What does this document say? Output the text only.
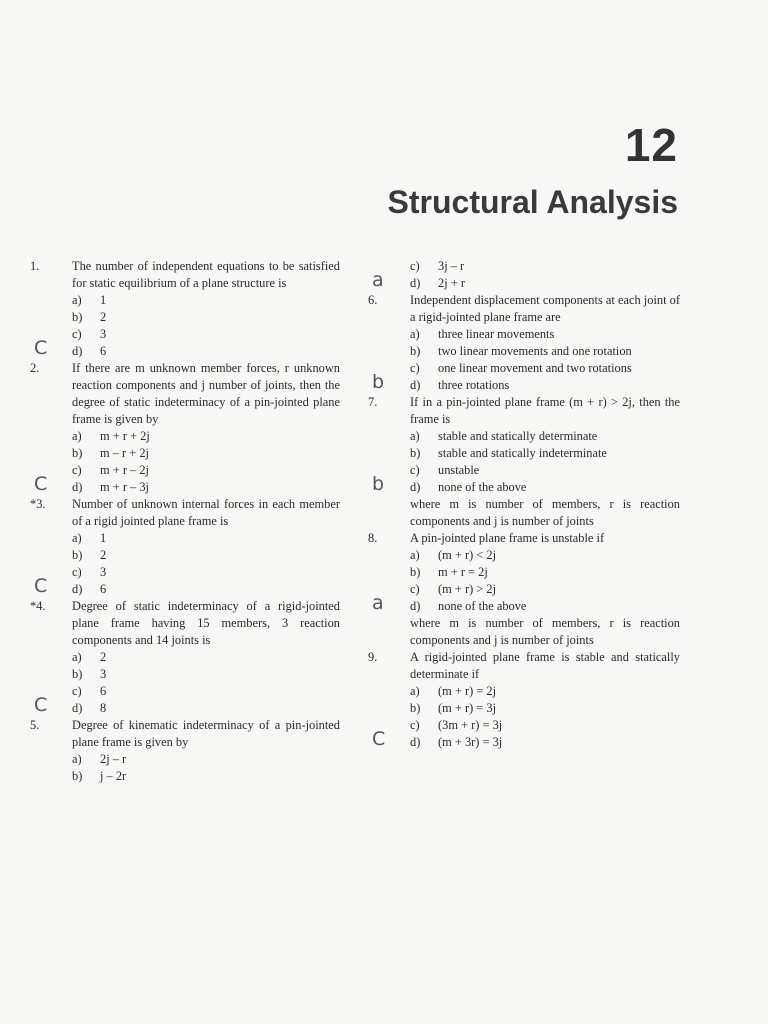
12
Structural Analysis
1.	The number of independent equations to be satisfied for static equilibrium of a plane structure is
a) 1
b) 2
c) 3
d) 6
C
2.	If there are m unknown member forces, r unknown reaction components and j number of joints, then the degree of static indeterminacy of a pin-jointed plane frame is given by
a) m + r + 2j
b) m – r + 2j
c) m + r – 2j
d) m + r – 3j
C
*3. Number of unknown internal forces in each member of a rigid jointed plane frame is
a) 1
b) 2
c) 3
d) 6
C
*4. Degree of static indeterminacy of a rigid-jointed plane frame having 15 members, 3 reaction components and 14 joints is
a) 2
b) 3
c) 6
d) 8
C
5.	Degree of kinematic indeterminacy of a pin-jointed plane frame is given by
a) 2j – r
b) j – 2r
c) 3j – r
d) 2j + r
a
6.	Independent displacement components at each joint of a rigid-jointed plane frame are
a) three linear movements
b)	two linear movements and one rotation
c)	one linear movement and two rotations
d) three rotations
b
7.	If in a pin-jointed plane frame (m + r) > 2j, then the frame is
a)	stable and statically determinate
b)	stable and statically indeterminate
c) unstable
d) none of the above
b
where m is number of members, r is reaction components and j is number of joints
8.	A pin-jointed plane frame is unstable if
a) (m + r) < 2j
b) m + r = 2j
c) (m + r) > 2j
d) none of the above
a
where m is number of members, r is reaction components and j is number of joints
9.	A rigid-jointed plane frame is stable and statically determinate if
a) (m + r) = 2j
b) (m + r) = 3j
c) (3m + r) = 3j
d) (m + 3r) = 3j
C
